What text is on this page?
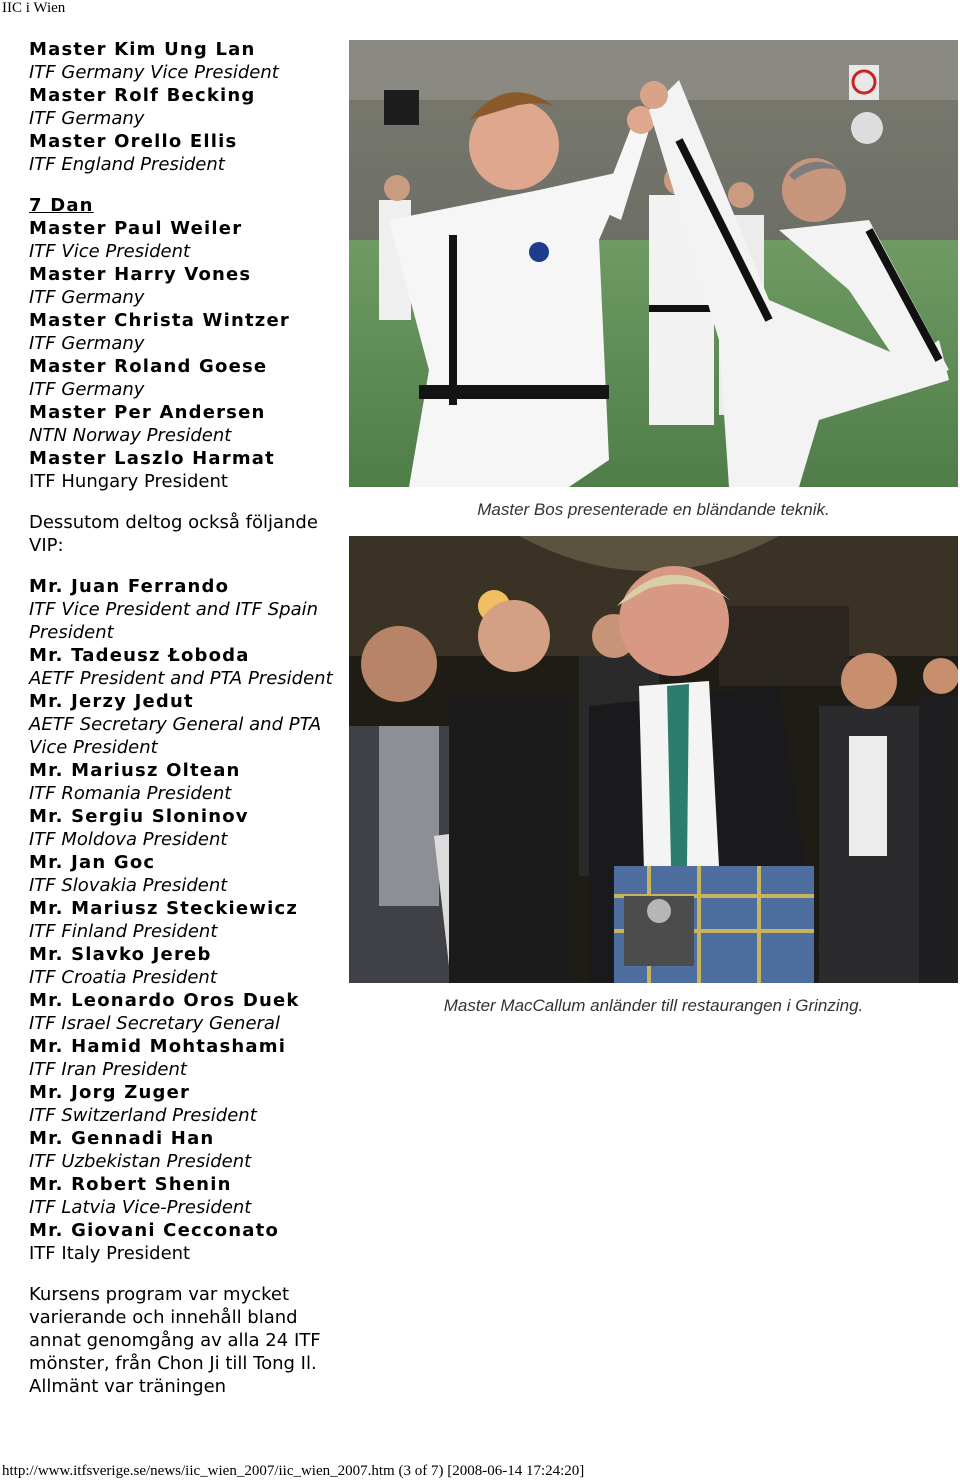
IIC i Wien
Master Kim Ung Lan
ITF Germany Vice President
Master Rolf Becking
ITF Germany
Master Orello Ellis
ITF England President
7 Dan
Master Paul Weiler
ITF Vice President
Master Harry Vones
ITF Germany
Master Christa Wintzer
ITF Germany
Master Roland Goese
ITF Germany
Master Per Andersen
NTN Norway President
Master Laszlo Harmat
ITF Hungary President
Dessutom deltog också följande VIP:
Mr. Juan Ferrando
ITF Vice President and ITF Spain President
Mr. Tadeusz Łoboda
AETF President and PTA President
Mr. Jerzy Jedut
AETF Secretary General and PTA Vice President
Mr. Mariusz Oltean
ITF Romania President
Mr. Sergiu Sloninov
ITF Moldova President
Mr. Jan Goc
ITF Slovakia President
Mr. Mariusz Steckiewicz
ITF Finland President
Mr. Slavko Jereb
ITF Croatia President
Mr. Leonardo Oros Duek
ITF Israel Secretary General
Mr. Hamid Mohtashami
ITF Iran President
Mr. Jorg Zuger
ITF Switzerland President
Mr. Gennadi Han
ITF Uzbekistan President
Mr. Robert Shenin
ITF Latvia Vice-President
Mr. Giovani Cecconato
ITF Italy President
Kursens program var mycket varierande och innehåll bland annat genomgång av alla 24 ITF mönster, från Chon Ji till Tong Il. Allmänt var träningen
Master Bos presenterade en bländande teknik.
Master MacCallum anländer till restaurangen i Grinzing.
http://www.itfsverige.se/news/iic_wien_2007/iic_wien_2007.htm (3 of 7) [2008-06-14 17:24:20]
